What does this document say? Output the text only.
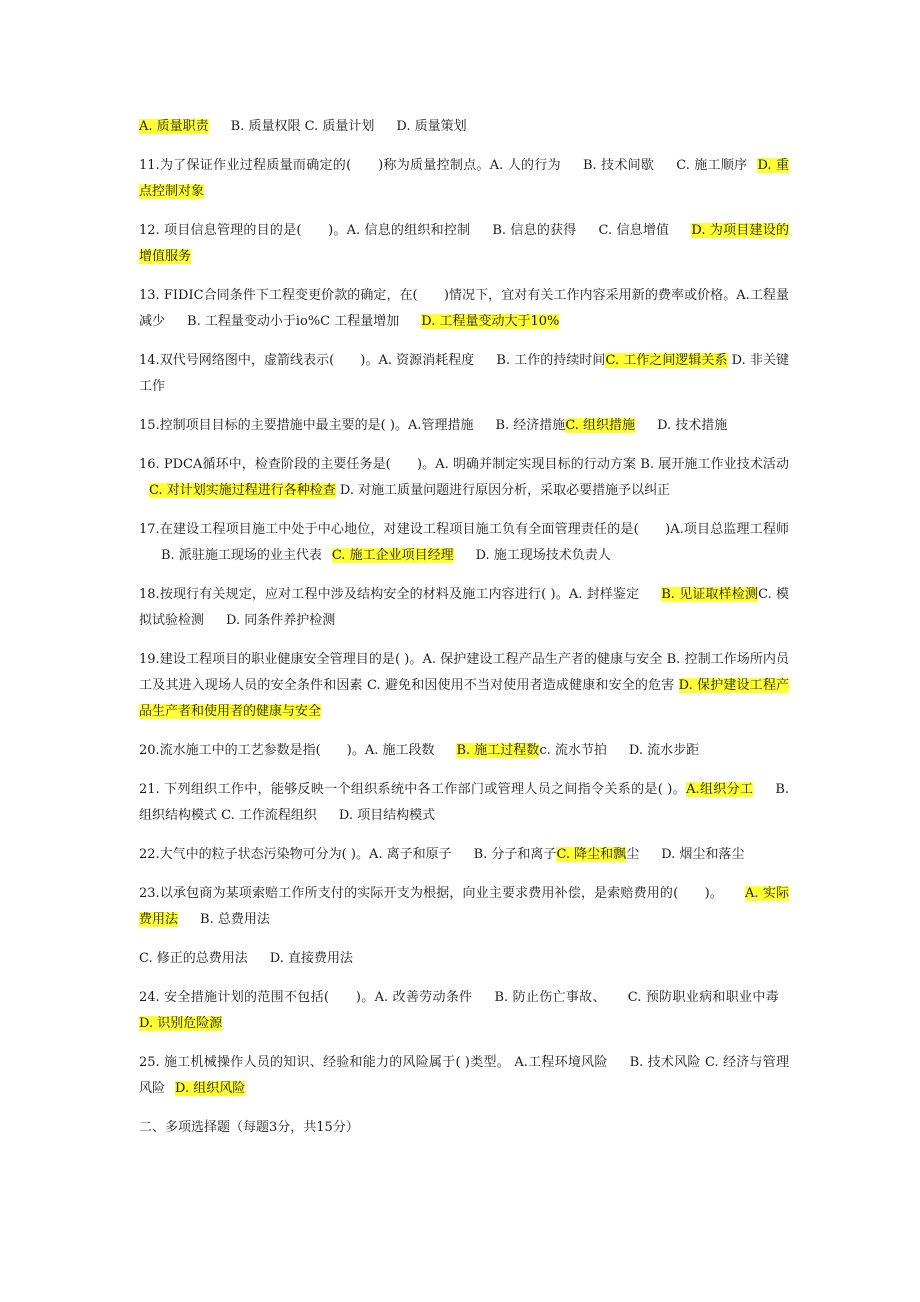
A. 质量职责 B. 质量权限 C. 质量计划 D. 质量策划

11.为了保证作业过程质量而确定的(　　)称为质量控制点。A. 人的行为 B. 技术间歇 C. 施工顺序 D. 重点控制对象

12. 项目信息管理的目的是(　　)。A. 信息的组织和控制 B. 信息的获得 C. 信息增值 D. 为项目建设的增值服务

13. FIDIC合同条件下工程变更价款的确定，在(　　)情况下，宜对有关工作内容采用新的费率或价格。A.工程量减少 B. 工程量变动小于io%C 工程量增加 D. 工程量变动大于10%

14.双代号网络图中，虚箭线表示(　　)。A. 资源消耗程度 B. 工作的持续时间C. 工作之间逻辑关系 D. 非关键工作

15.控制项目目标的主要措施中最主要的是( )。A.管理措施 B. 经济措施C. 组织措施 D. 技术措施

16. PDCA循环中，检查阶段的主要任务是(　　)。A. 明确并制定实现目标的行动方案 B. 展开施工作业技术活动C. 对计划实施过程进行各种检查 D. 对施工质量问题进行原因分析，采取必要措施予以纠正

17.在建设工程项目施工中处于中心地位，对建设工程项目施工负有全面管理责任的是(　　)A.项目总监理工程师B. 派驻施工现场的业主代表 C. 施工企业项目经理 D. 施工现场技术负责人

18.按现行有关规定，应对工程中涉及结构安全的材料及施工内容进行( )。A. 封样鉴定 B. 见证取样检测C. 模拟试验检测 D. 同条件养护检测

19.建设工程项目的职业健康安全管理目的是( )。A. 保护建设工程产品生产者的健康与安全 B. 控制工作场所内员工及其进入现场人员的安全条件和因素 C. 避免和因使用不当对使用者造成健康和安全的危害 D. 保护建设工程产品生产者和使用者的健康与安全

20.流水施工中的工艺参数是指(　　)。A. 施工段数 B. 施工过程数c. 流水节拍 D. 流水步距

21. 下列组织工作中，能够反映一个组织系统中各工作部门或管理人员之间指令关系的是( )。A.组织分工 B. 组织结构模式 C. 工作流程组织 D. 项目结构模式

22.大气中的粒子状态污染物可分为( )。A. 离子和原子 B. 分子和离子C. 降尘和飘尘 D. 烟尘和落尘

23.以承包商为某项索赔工作所支付的实际开支为根据，向业主要求费用补偿，是索赔费用的(　　)。 A. 实际费用法 B. 总费用法

C. 修正的总费用法 D. 直接费用法

24. 安全措施计划的范围不包括(　　)。A. 改善劳动条件 B. 防止伤亡事故、 C. 预防职业病和职业中毒D. 识别危险源

25. 施工机械操作人员的知识、经验和能力的风险属于( )类型。 A.工程环境风险 B. 技术风险 C. 经济与管理风险 D. 组织风险

二、多项选择题（每题3分，共15分）
